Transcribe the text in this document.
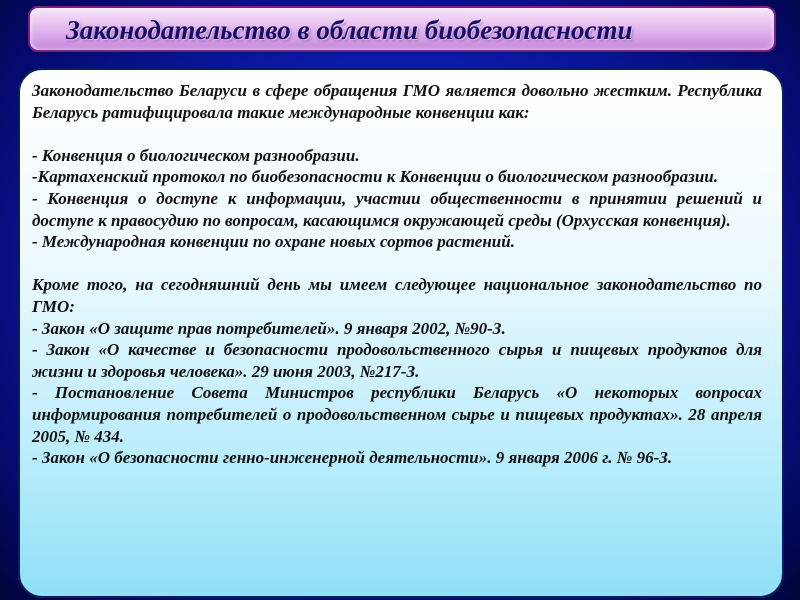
Законодательство в области биобезопасности

Законодательство Беларуси в сфере обращения ГМО является довольно жестким. Республика Беларусь ратифицировала такие международные конвенции как:

- Конвенция о биологическом разнообразии.

-Картахенский протокол по биобезопасности к Конвенции о биологическом разнообразии.

- Конвенция о доступе к информации, участии общественности в принятии решений и доступе к правосудию по вопросам, касающимся окружающей среды (Орхусская конвенция).

- Международная конвенции по охране новых сортов растений.

Кроме того, на сегодняшний день мы имеем следующее национальное законодательство по ГМО:

- Закон «О защите прав потребителей». 9 января 2002, №90-З.

- Закон «О качестве и безопасности продовольственного сырья и пищевых продуктов для жизни и здоровья человека». 29 июня 2003, №217-З.

- Постановление Совета Министров республики Беларусь «О некоторых вопросах информирования потребителей о продовольственном сырье и пищевых продуктах». 28 апреля 2005, № 434.

- Закон «О безопасности генно-инженерной деятельности». 9 января 2006 г. № 96-З.
